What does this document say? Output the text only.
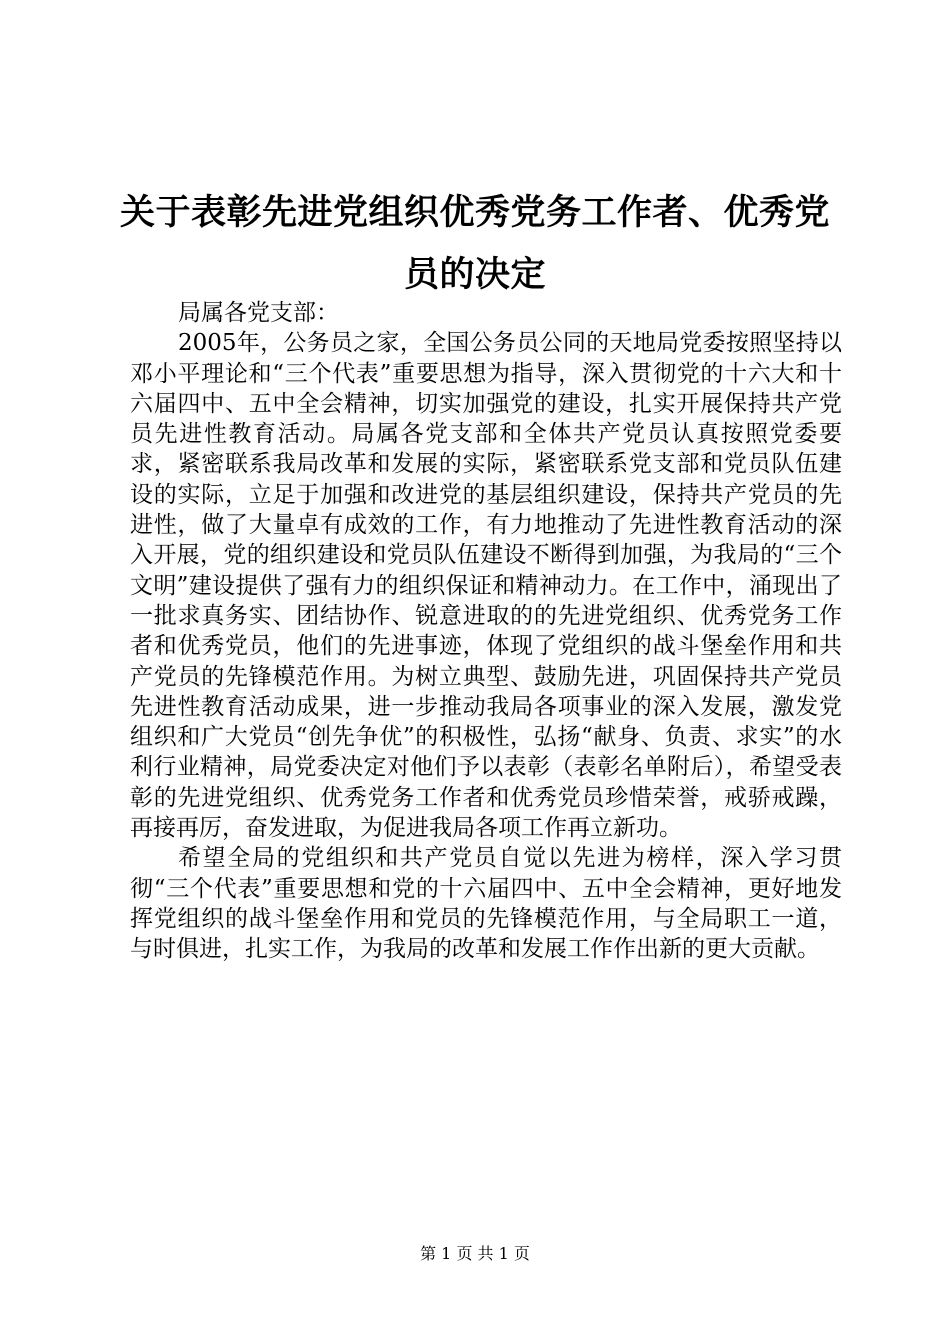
关于表彰先进党组织优秀党务工作者、优秀党
员的决定

局属各党支部：

2005年，公务员之家，全国公务员公同的天地局党委按照坚持以邓小平理论和“三个代表”重要思想为指导，深入贯彻党的十六大和十六届四中、五中全会精神，切实加强党的建设，扎实开展保持共产党员先进性教育活动。局属各党支部和全体共产党员认真按照党委要求，紧密联系我局改革和发展的实际，紧密联系党支部和党员队伍建设的实际，立足于加强和改进党的基层组织建设，保持共产党员的先进性，做了大量卓有成效的工作，有力地推动了先进性教育活动的深入开展，党的组织建设和党员队伍建设不断得到加强，为我局的“三个文明”建设提供了强有力的组织保证和精神动力。在工作中，涌现出了一批求真务实、团结协作、锐意进取的的先进党组织、优秀党务工作者和优秀党员，他们的先进事迹，体现了党组织的战斗堡垒作用和共产党员的先锋模范作用。为树立典型、鼓励先进，巩固保持共产党员先进性教育活动成果，进一步推动我局各项事业的深入发展，激发党组织和广大党员“创先争优”的积极性，弘扬“献身、负责、求实”的水利行业精神，局党委决定对他们予以表彰（表彰名单附后），希望受表彰的先进党组织、优秀党务工作者和优秀党员珍惜荣誉，戒骄戒躁，再接再厉，奋发进取，为促进我局各项工作再立新功。

希望全局的党组织和共产党员自觉以先进为榜样，深入学习贯彻“三个代表”重要思想和党的十六届四中、五中全会精神，更好地发挥党组织的战斗堡垒作用和党员的先锋模范作用，与全局职工一道，与时俱进，扎实工作，为我局的改革和发展工作作出新的更大贡献。

第 1 页 共 1 页
